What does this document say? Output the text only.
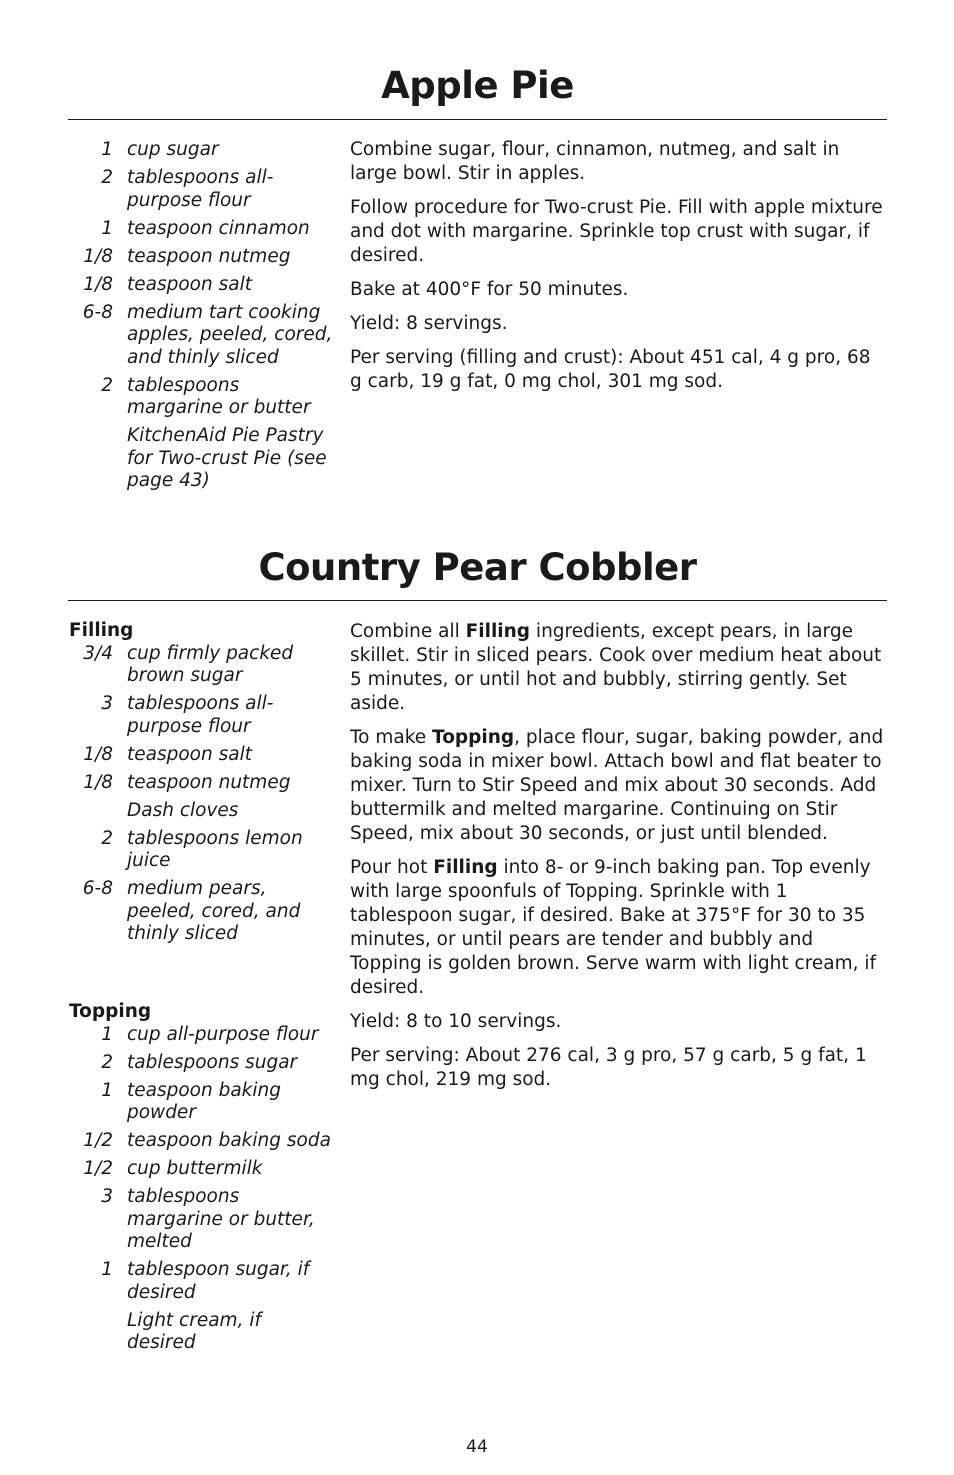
Apple Pie
1 cup sugar
2 tablespoons all-purpose flour
1 teaspoon cinnamon
1/8 teaspoon nutmeg
1/8 teaspoon salt
6-8 medium tart cooking apples, peeled, cored, and thinly sliced
2 tablespoons margarine or butter
KitchenAid Pie Pastry for Two-crust Pie (see page 43)

Combine sugar, flour, cinnamon, nutmeg, and salt in large bowl. Stir in apples.

Follow procedure for Two-crust Pie. Fill with apple mixture and dot with margarine. Sprinkle top crust with sugar, if desired.

Bake at 400°F for 50 minutes.

Yield: 8 servings.

Per serving (filling and crust): About 451 cal, 4 g pro, 68 g carb, 19 g fat, 0 mg chol, 301 mg sod.

Country Pear Cobbler
Filling
3/4 cup firmly packed brown sugar
3 tablespoons all-purpose flour
1/8 teaspoon salt
1/8 teaspoon nutmeg
Dash cloves
2 tablespoons lemon juice
6-8 medium pears, peeled, cored, and thinly sliced
Topping
1 cup all-purpose flour
2 tablespoons sugar
1 teaspoon baking powder
1/2 teaspoon baking soda
1/2 cup buttermilk
3 tablespoons margarine or butter, melted
1 tablespoon sugar, if desired
Light cream, if desired

Combine all Filling ingredients, except pears, in large skillet. Stir in sliced pears. Cook over medium heat about 5 minutes, or until hot and bubbly, stirring gently. Set aside.

To make Topping, place flour, sugar, baking powder, and baking soda in mixer bowl. Attach bowl and flat beater to mixer. Turn to Stir Speed and mix about 30 seconds. Add buttermilk and melted margarine. Continuing on Stir Speed, mix about 30 seconds, or just until blended.

Pour hot Filling into 8- or 9-inch baking pan. Top evenly with large spoonfuls of Topping. Sprinkle with 1 tablespoon sugar, if desired. Bake at 375°F for 30 to 35 minutes, or until pears are tender and bubbly and Topping is golden brown. Serve warm with light cream, if desired.

Yield: 8 to 10 servings.

Per serving: About 276 cal, 3 g pro, 57 g carb, 5 g fat, 1 mg chol, 219 mg sod.

44
